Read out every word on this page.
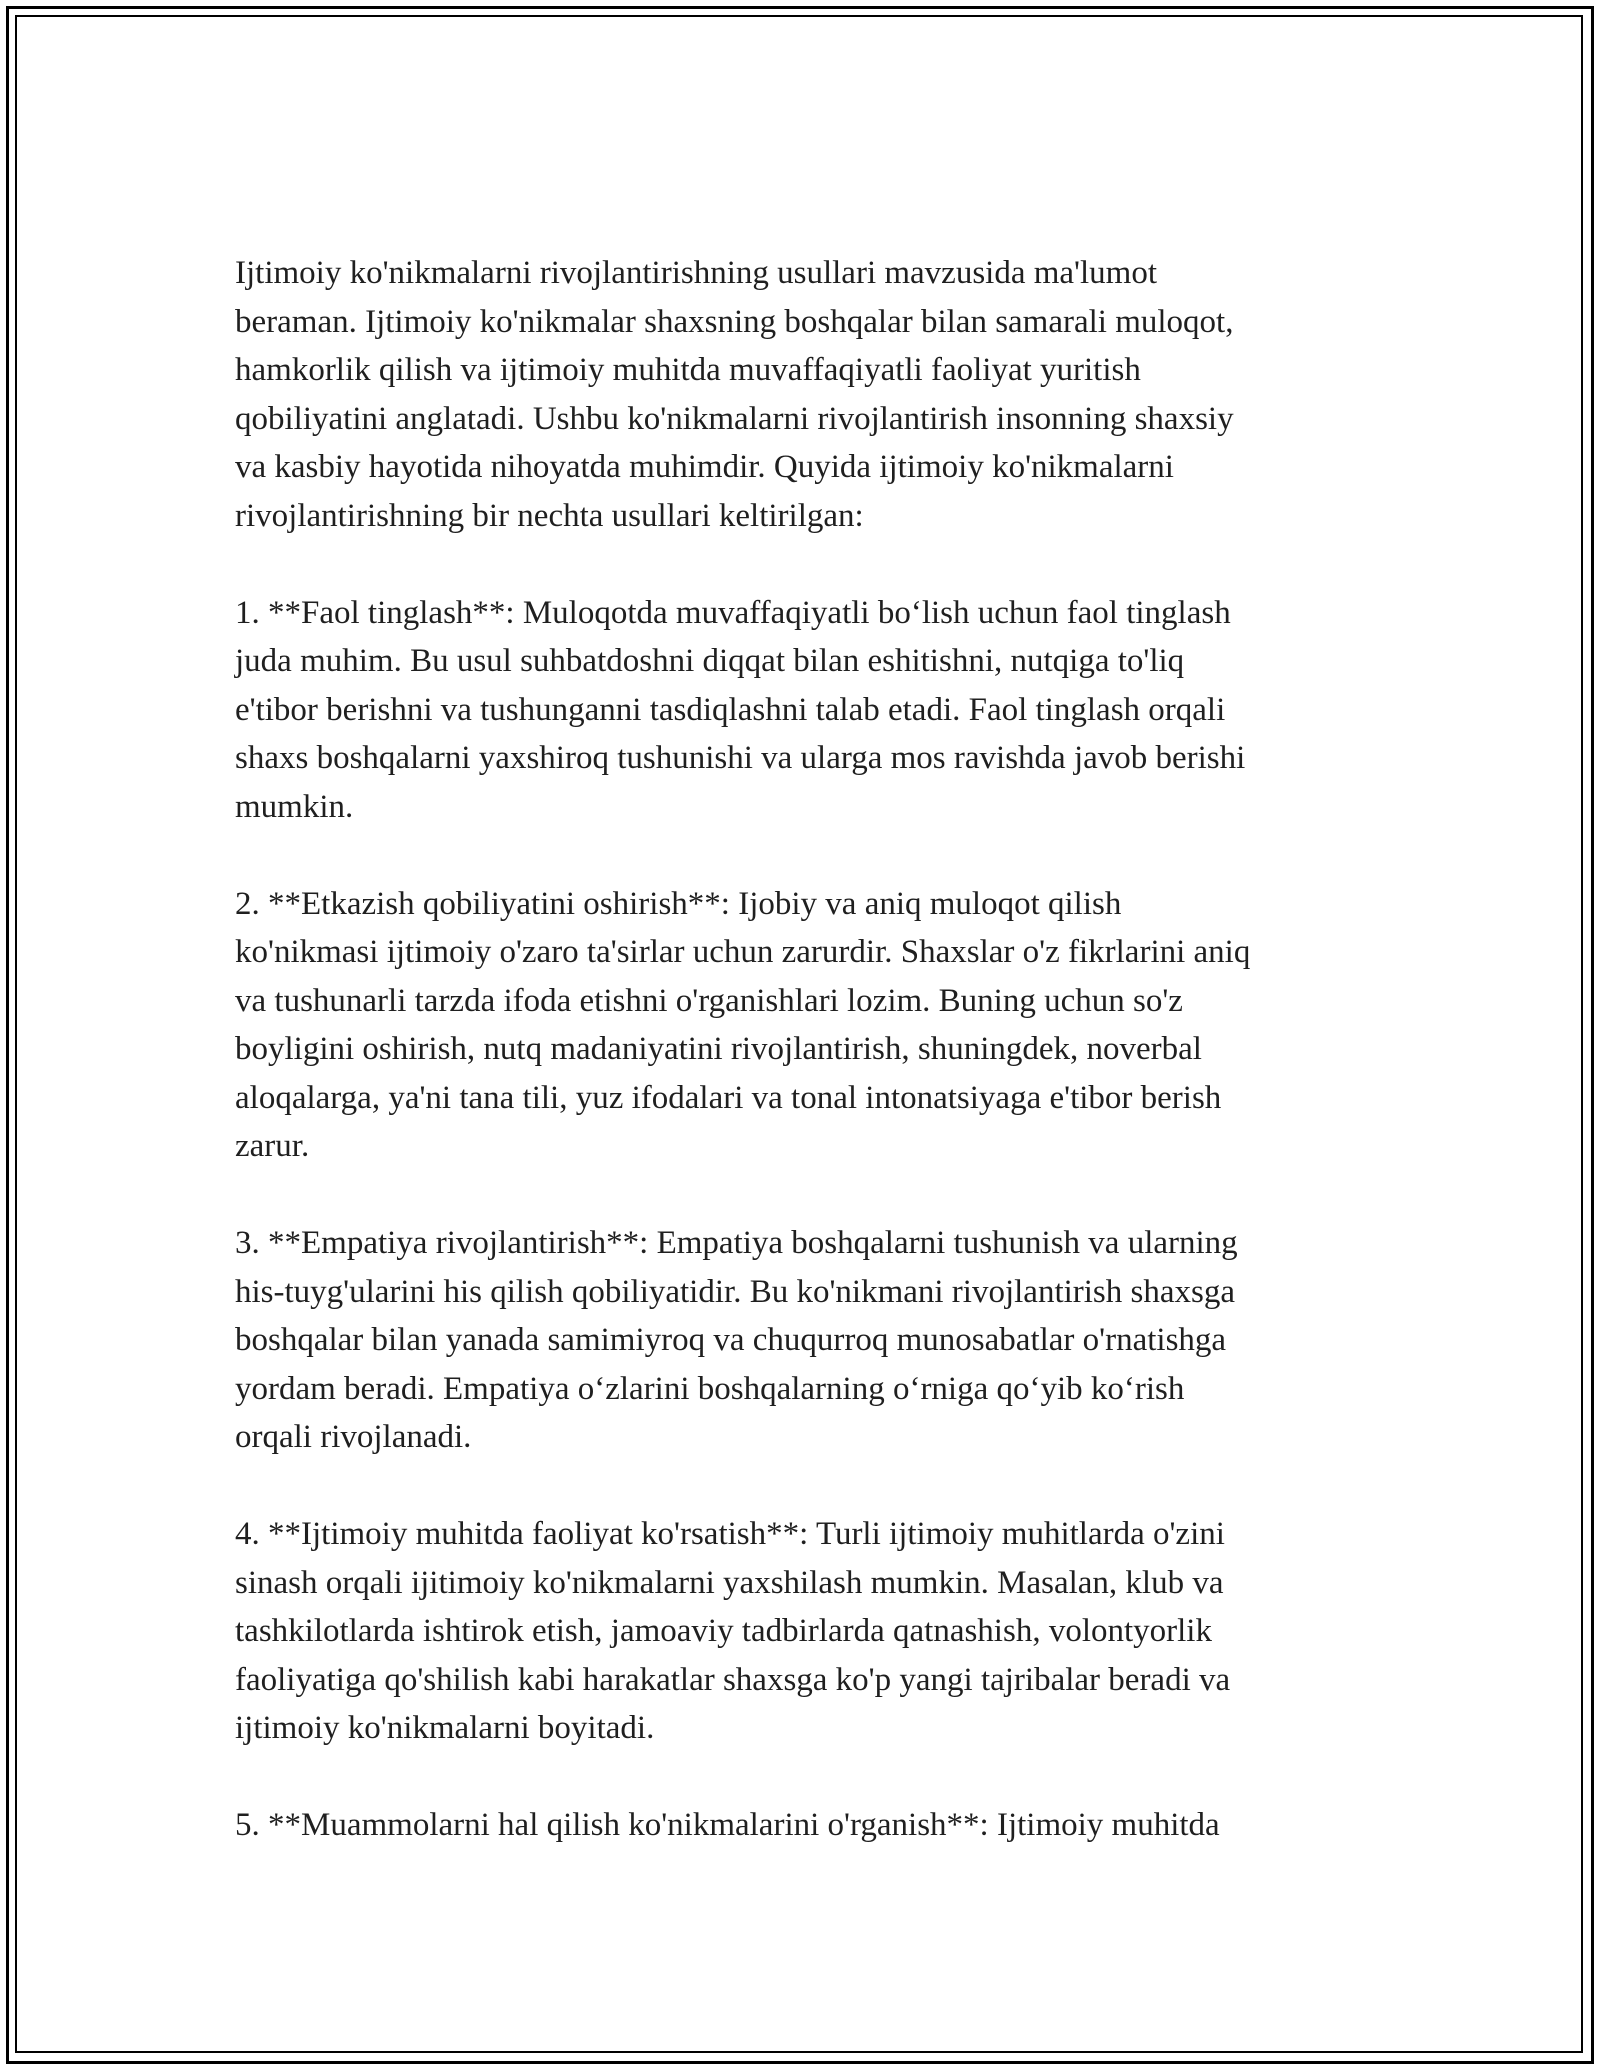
Ijtimoiy ko'nikmalarni rivojlantirishning usullari mavzusida ma'lumot
beraman. Ijtimoiy ko'nikmalar shaxsning boshqalar bilan samarali muloqot,
hamkorlik qilish va ijtimoiy muhitda muvaffaqiyatli faoliyat yuritish
qobiliyatini anglatadi. Ushbu ko'nikmalarni rivojlantirish insonning shaxsiy
va kasbiy hayotida nihoyatda muhimdir. Quyida ijtimoiy ko'nikmalarni
rivojlantirishning bir nechta usullari keltirilgan:

1. **Faol tinglash**: Muloqotda muvaffaqiyatli bo‘lish uchun faol tinglash
juda muhim. Bu usul suhbatdoshni diqqat bilan eshitishni, nutqiga to'liq
e'tibor berishni va tushunganni tasdiqlashni talab etadi. Faol tinglash orqali
shaxs boshqalarni yaxshiroq tushunishi va ularga mos ravishda javob berishi
mumkin.

2. **Etkazish qobiliyatini oshirish**: Ijobiy va aniq muloqot qilish
ko'nikmasi ijtimoiy o'zaro ta'sirlar uchun zarurdir. Shaxslar o'z fikrlarini aniq
va tushunarli tarzda ifoda etishni o'rganishlari lozim. Buning uchun so'z
boyligini oshirish, nutq madaniyatini rivojlantirish, shuningdek, noverbal
aloqalarga, ya'ni tana tili, yuz ifodalari va tonal intonatsiyaga e'tibor berish
zarur.

3. **Empatiya rivojlantirish**: Empatiya boshqalarni tushunish va ularning
his-tuyg'ularini his qilish qobiliyatidir. Bu ko'nikmani rivojlantirish shaxsga
boshqalar bilan yanada samimiyroq va chuqurroq munosabatlar o'rnatishga
yordam beradi. Empatiya o‘zlarini boshqalarning o‘rniga qo‘yib ko‘rish
orqali rivojlanadi.

4. **Ijtimoiy muhitda faoliyat ko'rsatish**: Turli ijtimoiy muhitlarda o'zini
sinash orqali ijitimoiy ko'nikmalarni yaxshilash mumkin. Masalan, klub va
tashkilotlarda ishtirok etish, jamoaviy tadbirlarda qatnashish, volontyorlik
faoliyatiga qo'shilish kabi harakatlar shaxsga ko'p yangi tajribalar beradi va
ijtimoiy ko'nikmalarni boyitadi.

5. **Muammolarni hal qilish ko'nikmalarini o'rganish**: Ijtimoiy muhitda
